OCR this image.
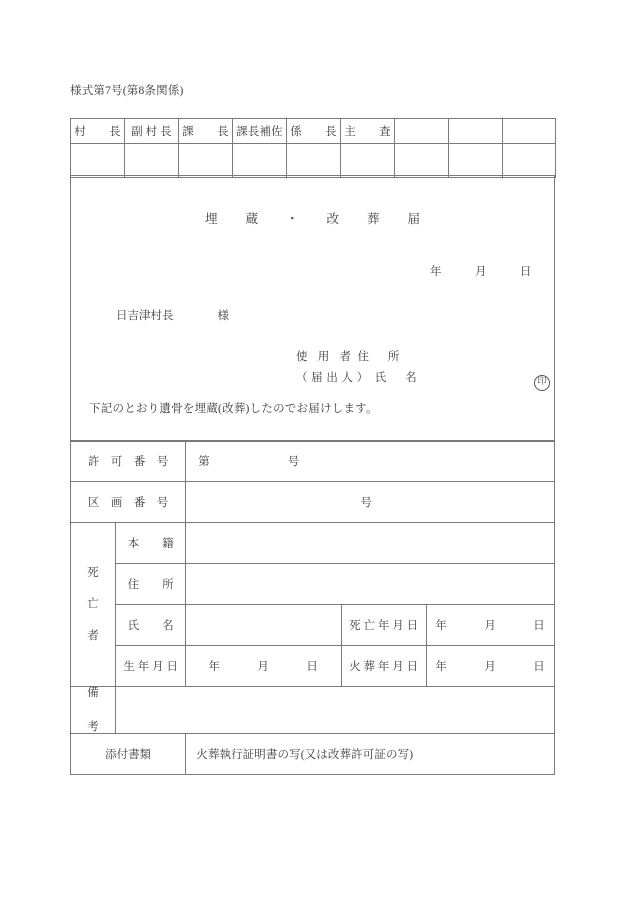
様式第7号(第8条関係)
村　　長	副 村 長	課　　長	課長補佐	係　　長	主　　査			

埋　蔵　・　改　葬　届
年	月	日
日吉津村長	様
使 用 者 住　所
（届出人） 氏　名	印
下記のとおり遺骨を埋蔵(改葬)したのでお届けします。
許　可　番　号		第 号		
区　画　番　号		号		

死
亡
者	本　　籍			
	住　　所			
	氏　　名		死 亡 年 月 日	年 月 日

	生 年 月 日	年 月 日	火 葬 年 月 日	年 月 日

備
考				

添付書類		火葬執行証明書の写(又は改葬許可証の写)		
